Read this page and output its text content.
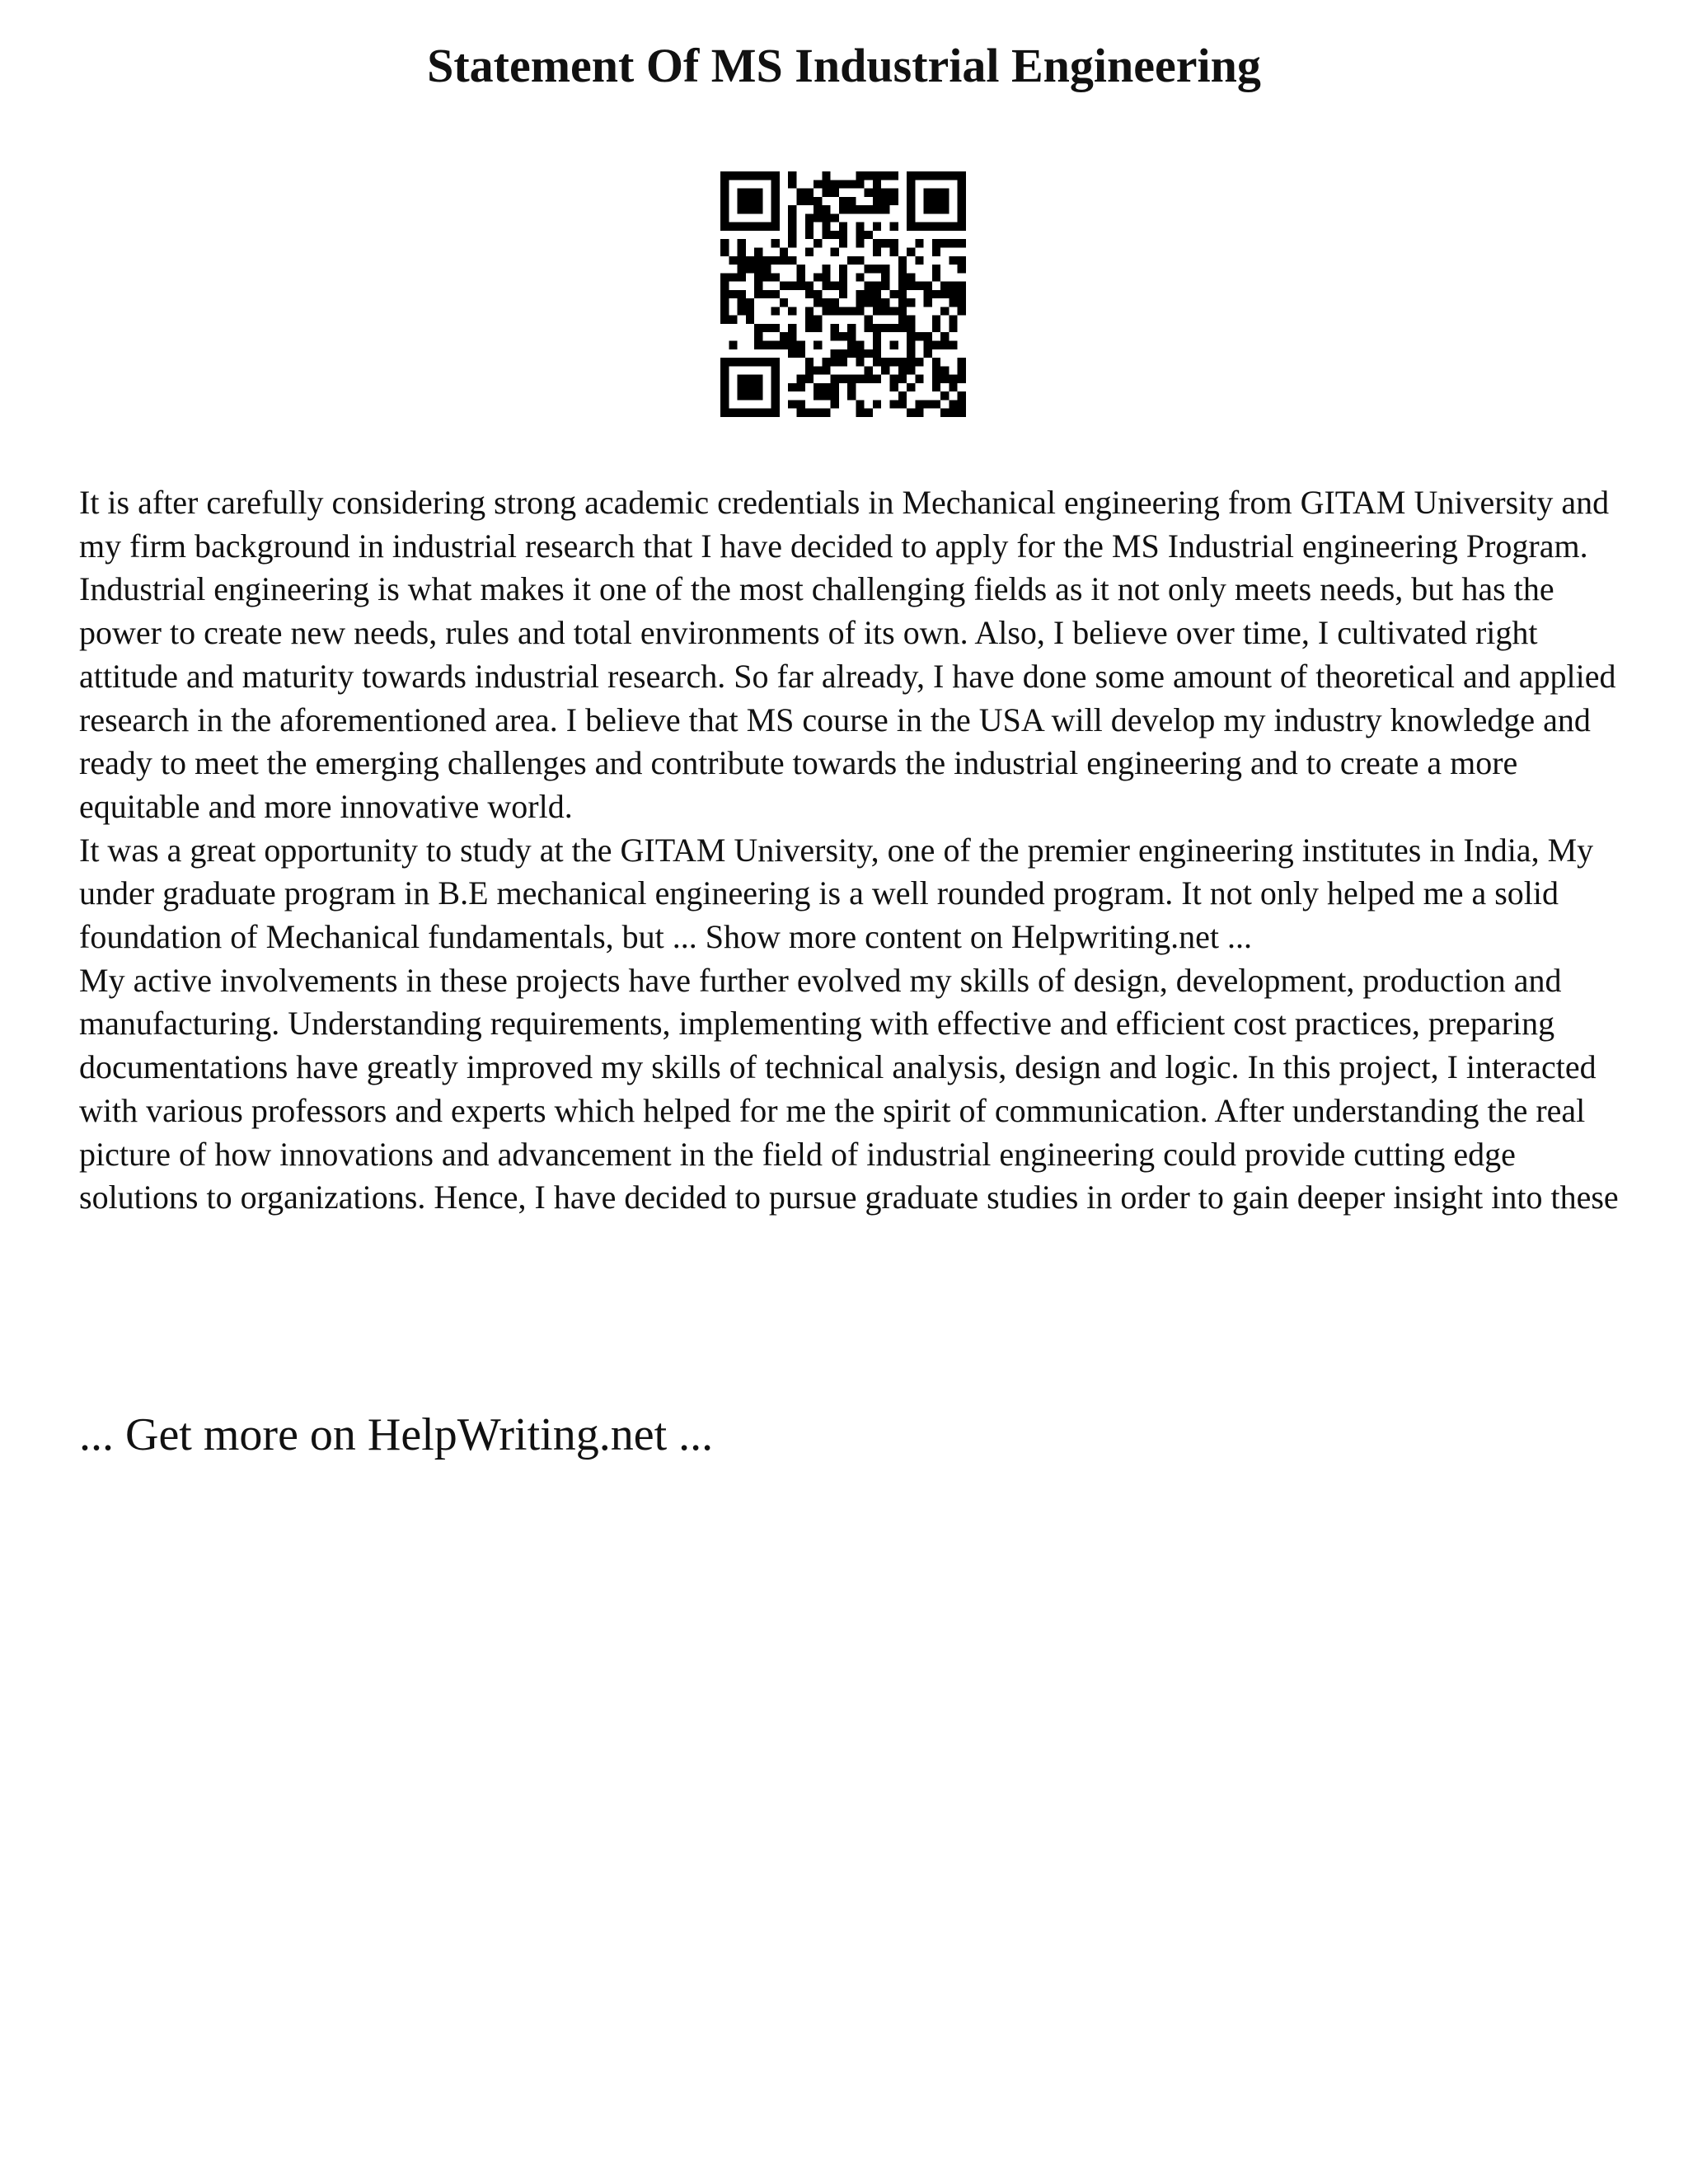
Statement Of MS Industrial Engineering

It is after carefully considering strong academic credentials in Mechanical engineering from GITAM University and my firm background in industrial research that I have decided to apply for the MS Industrial engineering Program. Industrial engineering is what makes it one of the most challenging fields as it not only meets needs, but has the power to create new needs, rules and total environments of its own. Also, I believe over time, I cultivated right attitude and maturity towards industrial research. So far already, I have done some amount of theoretical and applied research in the aforementioned area. I believe that MS course in the USA will develop my industry knowledge and ready to meet the emerging challenges and contribute towards the industrial engineering and to create a more equitable and more innovative world.

It was a great opportunity to study at the GITAM University, one of the premier engineering institutes in India, My under graduate program in B.E mechanical engineering is a well rounded program. It not only helped me a solid foundation of Mechanical fundamentals, but ... Show more content on Helpwriting.net ...

My active involvements in these projects have further evolved my skills of design, development, production and manufacturing. Understanding requirements, implementing with effective and efficient cost practices, preparing documentations have greatly improved my skills of technical analysis, design and logic. In this project, I interacted with various professors and experts which helped for me the spirit of communication. After understanding the real picture of how innovations and advancement in the field of industrial engineering could provide cutting edge solutions to organizations. Hence, I have decided to pursue graduate studies in order to gain deeper insight into these

... Get more on HelpWriting.net ...
